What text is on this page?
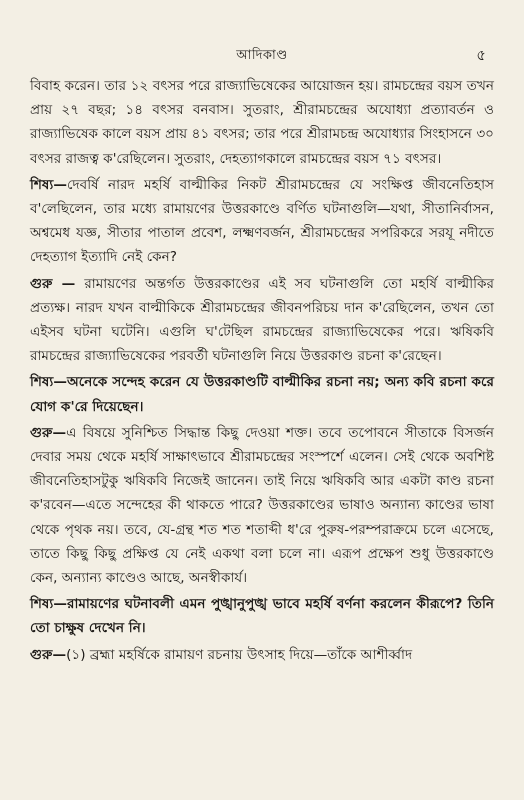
আদিকাণ্ড	৫

বিবাহ করেন। তার ১২ বৎসর পরে রাজ্যাভিষেকের আয়োজন হয়। রামচন্দ্রের বয়স তখন প্রায় ২৭ বছর; ১৪ বৎসর বনবাস। সুতরাং, শ্রীরামচন্দ্রের অযোধ্যা প্রত্যাবর্তন ও রাজ্যাভিষেক কালে বয়স প্রায় ৪১ বৎসর; তার পরে শ্রীরামচন্দ্র অযোধ্যার সিংহাসনে ৩০ বৎসর রাজত্ব ক'রেছিলেন। সুতরাং, দেহত্যাগকালে রামচন্দ্রের বয়স ৭১ বৎসর।

শিষ্য—দেবর্ষি নারদ মহর্ষি বাল্মীকির নিকট শ্রীরামচন্দ্রের যে সংক্ষিপ্ত জীবনেতিহাস ব'লেছিলেন, তার মধ্যে রামায়ণের উত্তরকাণ্ডে বর্ণিত ঘটনাগুলি—যথা, সীতানির্বাসন, অশ্বমেধ যজ্ঞ, সীতার পাতাল প্রবেশ, লক্ষ্মণবর্জন, শ্রীরামচন্দ্রের সপরিকরে সরযূ নদীতে দেহত্যাগ ইত্যাদি নেই কেন?

গুরু — রামায়ণের অন্তর্গত উত্তরকাণ্ডের এই সব ঘটনাগুলি তো মহর্ষি বাল্মীকির প্রত্যক্ষ। নারদ যখন বাল্মীকিকে শ্রীরামচন্দ্রের জীবনপরিচয় দান ক'রেছিলেন, তখন তো এইসব ঘটনা ঘটেনি। এগুলি ঘ'টেছিল রামচন্দ্রের রাজ্যাভিষেকের পরে। ঋষিকবি রামচন্দ্রের রাজ্যাভিষেকের পরবর্তী ঘটনাগুলি নিয়ে উত্তরকাণ্ড রচনা ক'রেছেন।

শিষ্য—অনেকে সন্দেহ করেন যে উত্তরকাণ্ডটি বাল্মীকির রচনা নয়; অন্য কবি রচনা করে যোগ ক'রে দিয়েছেন।

গুরু—এ বিষয়ে সুনিশ্চিত সিদ্ধান্ত কিছু দেওয়া শক্ত। তবে তপোবনে সীতাকে বিসর্জন দেবার সময় থেকে মহর্ষি সাক্ষাৎভাবে শ্রীরামচন্দ্রের সংস্পর্শে এলেন। সেই থেকে অবশিষ্ট জীবনেতিহাসটুকু ঋষিকবি নিজেই জানেন। তাই নিয়ে ঋষিকবি আর একটা কাণ্ড রচনা ক'রবেন—এতে সন্দেহের কী থাকতে পারে? উত্তরকাণ্ডের ভাষাও অন্যান্য কাণ্ডের ভাষা থেকে পৃথক নয়। তবে, যে-গ্রন্থ শত শত শতাব্দী ধ'রে পুরুষ-পরম্পরাক্রমে চলে এসেছে, তাতে কিছু কিছু প্রক্ষিপ্ত যে নেই একথা বলা চলে না। এরূপ প্রক্ষেপ শুধু উত্তরকাণ্ডে কেন, অন্যান্য কাণ্ডেও আছে, অনস্বীকার্য।

শিষ্য—রামায়ণের ঘটনাবলী এমন পুঙ্খানুপুঙ্খ ভাবে মহর্ষি বর্ণনা করলেন কীরূপে? তিনি তো চাক্ষুষ দেখেন নি।

গুরু—(১) ব্রহ্মা মহর্ষিকে রামায়ণ রচনায় উৎসাহ দিয়ে—তাঁকে আশীর্ব্বাদ
